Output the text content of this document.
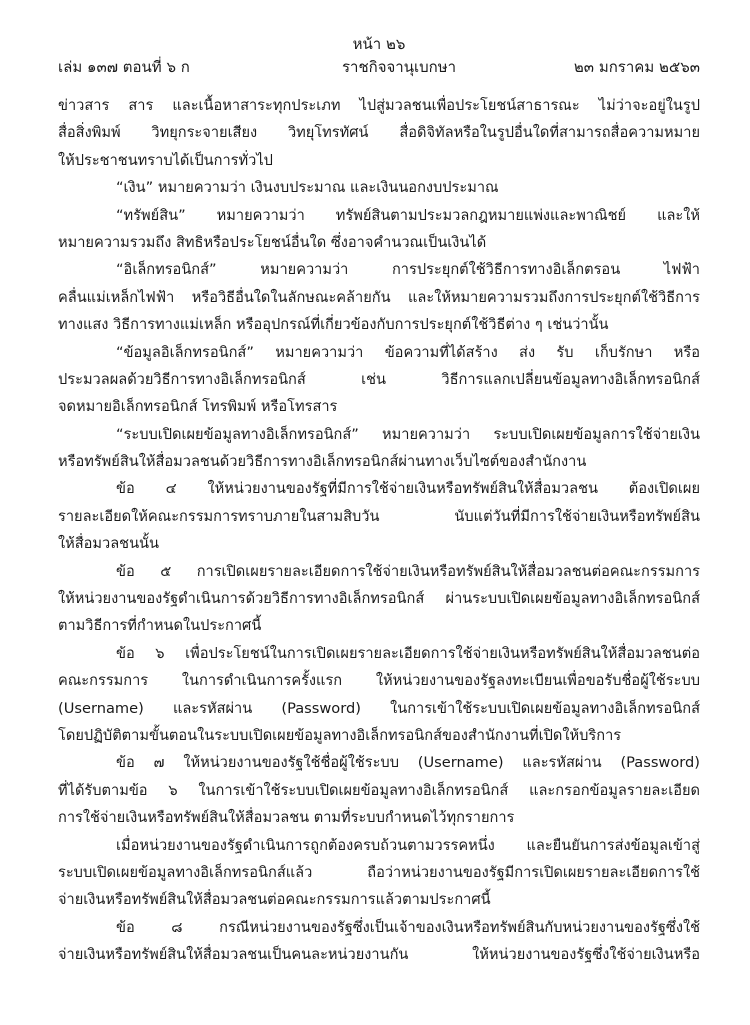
หน้า ๒๖
เล่ม ๑๓๗ ตอนที่ ๖ ก	ราชกิจจานุเบกษา	๒๓ มกราคม ๒๕๖๓
ข่าวสาร สาร และเนื้อหาสาระทุกประเภท ไปสู่มวลชนเพื่อประโยชน์สาธารณะ ไม่ว่าจะอยู่ในรูป
สื่อสิ่งพิมพ์ วิทยุกระจายเสียง วิทยุโทรทัศน์ สื่อดิจิทัลหรือในรูปอื่นใดที่สามารถสื่อความหมาย
ให้ประชาชนทราบได้เป็นการทั่วไป
“เงิน” หมายความว่า เงินงบประมาณ และเงินนอกงบประมาณ
“ทรัพย์สิน” หมายความว่า ทรัพย์สินตามประมวลกฎหมายแพ่งและพาณิชย์ และให้
หมายความรวมถึง สิทธิหรือประโยชน์อื่นใด ซึ่งอาจคำนวณเป็นเงินได้
“อิเล็กทรอนิกส์” หมายความว่า การประยุกต์ใช้วิธีการทางอิเล็กตรอน ไฟฟ้า
คลื่นแม่เหล็กไฟฟ้า หรือวิธีอื่นใดในลักษณะคล้ายกัน และให้หมายความรวมถึงการประยุกต์ใช้วิธีการ
ทางแสง วิธีการทางแม่เหล็ก หรืออุปกรณ์ที่เกี่ยวข้องกับการประยุกต์ใช้วิธีต่าง ๆ เช่นว่านั้น
“ข้อมูลอิเล็กทรอนิกส์” หมายความว่า ข้อความที่ได้สร้าง ส่ง รับ เก็บรักษา หรือ
ประมวลผลด้วยวิธีการทางอิเล็กทรอนิกส์ เช่น วิธีการแลกเปลี่ยนข้อมูลทางอิเล็กทรอนิกส์
จดหมายอิเล็กทรอนิกส์ โทรพิมพ์ หรือโทรสาร
“ระบบเปิดเผยข้อมูลทางอิเล็กทรอนิกส์” หมายความว่า ระบบเปิดเผยข้อมูลการใช้จ่ายเงิน
หรือทรัพย์สินให้สื่อมวลชนด้วยวิธีการทางอิเล็กทรอนิกส์ผ่านทางเว็บไซต์ของสำนักงาน
ข้อ ๔ ให้หน่วยงานของรัฐที่มีการใช้จ่ายเงินหรือทรัพย์สินให้สื่อมวลชน ต้องเปิดเผย
รายละเอียดให้คณะกรรมการทราบภายในสามสิบวัน นับแต่วันที่มีการใช้จ่ายเงินหรือทรัพย์สิน
ให้สื่อมวลชนนั้น
ข้อ ๕ การเปิดเผยรายละเอียดการใช้จ่ายเงินหรือทรัพย์สินให้สื่อมวลชนต่อคณะกรรมการ
ให้หน่วยงานของรัฐดำเนินการด้วยวิธีการทางอิเล็กทรอนิกส์ ผ่านระบบเปิดเผยข้อมูลทางอิเล็กทรอนิกส์
ตามวิธีการที่กำหนดในประกาศนี้
ข้อ ๖ เพื่อประโยชน์ในการเปิดเผยรายละเอียดการใช้จ่ายเงินหรือทรัพย์สินให้สื่อมวลชนต่อ
คณะกรรมการ ในการดำเนินการครั้งแรก ให้หน่วยงานของรัฐลงทะเบียนเพื่อขอรับชื่อผู้ใช้ระบบ
(Username) และรหัสผ่าน (Password) ในการเข้าใช้ระบบเปิดเผยข้อมูลทางอิเล็กทรอนิกส์
โดยปฏิบัติตามขั้นตอนในระบบเปิดเผยข้อมูลทางอิเล็กทรอนิกส์ของสำนักงานที่เปิดให้บริการ
ข้อ ๗ ให้หน่วยงานของรัฐใช้ชื่อผู้ใช้ระบบ (Username) และรหัสผ่าน (Password)
ที่ได้รับตามข้อ ๖ ในการเข้าใช้ระบบเปิดเผยข้อมูลทางอิเล็กทรอนิกส์ และกรอกข้อมูลรายละเอียด
การใช้จ่ายเงินหรือทรัพย์สินให้สื่อมวลชน ตามที่ระบบกำหนดไว้ทุกรายการ
เมื่อหน่วยงานของรัฐดำเนินการถูกต้องครบถ้วนตามวรรคหนึ่ง และยืนยันการส่งข้อมูลเข้าสู่
ระบบเปิดเผยข้อมูลทางอิเล็กทรอนิกส์แล้ว ถือว่าหน่วยงานของรัฐมีการเปิดเผยรายละเอียดการใช้
จ่ายเงินหรือทรัพย์สินให้สื่อมวลชนต่อคณะกรรมการแล้วตามประกาศนี้
ข้อ ๘ กรณีหน่วยงานของรัฐซึ่งเป็นเจ้าของเงินหรือทรัพย์สินกับหน่วยงานของรัฐซึ่งใช้
จ่ายเงินหรือทรัพย์สินให้สื่อมวลชนเป็นคนละหน่วยงานกัน ให้หน่วยงานของรัฐซึ่งใช้จ่ายเงินหรือ
